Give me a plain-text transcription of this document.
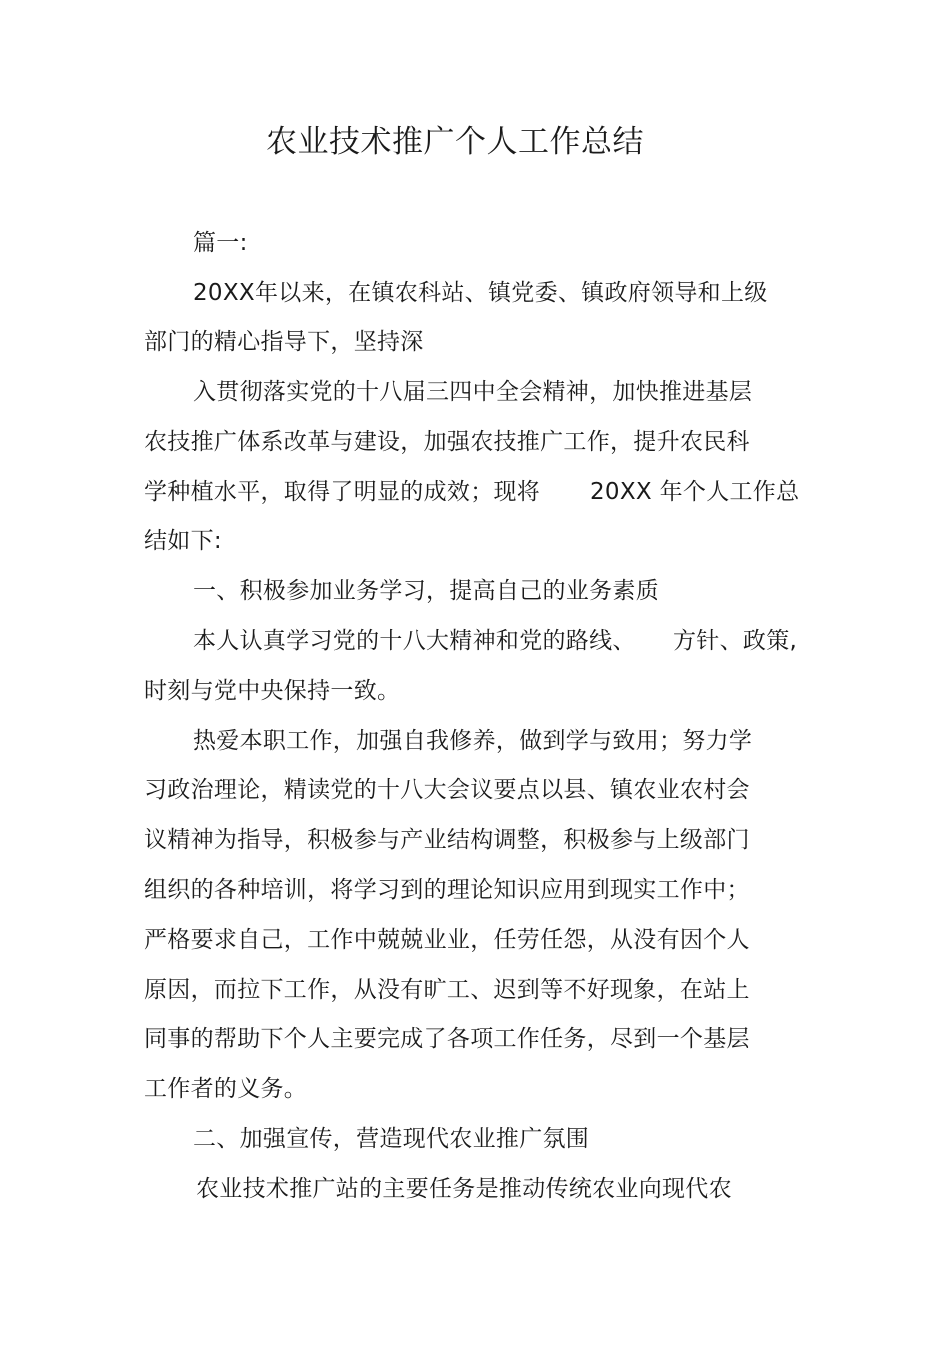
农业技术推广个人工作总结
篇一:
20XX年以来，在镇农科站、镇党委、镇政府领导和上级
部门的精心指导下，坚持深
入贯彻落实党的十八届三四中全会精神，加快推进基层
农技推广体系改革与建设，加强农技推广工作，提升农民科
学种植水平，取得了明显的成效；现将 20XX 年个人工作总
结如下:
一、积极参加业务学习，提高自己的业务素质
本人认真学习党的十八大精神和党的路线、 方针、政策,
时刻与党中央保持一致。
热爱本职工作，加强自我修养，做到学与致用；努力学
习政治理论，精读党的十八大会议要点以县、镇农业农村会
议精神为指导，积极参与产业结构调整，积极参与上级部门
组织的各种培训，将学习到的理论知识应用到现实工作中；
严格要求自己，工作中兢兢业业，任劳任怨，从没有因个人
原因，而拉下工作，从没有旷工、迟到等不好现象，在站上
同事的帮助下个人主要完成了各项工作任务，尽到一个基层
工作者的义务。
二、加强宣传，营造现代农业推广氛围
农业技术推广站的主要任务是推动传统农业向现代农
